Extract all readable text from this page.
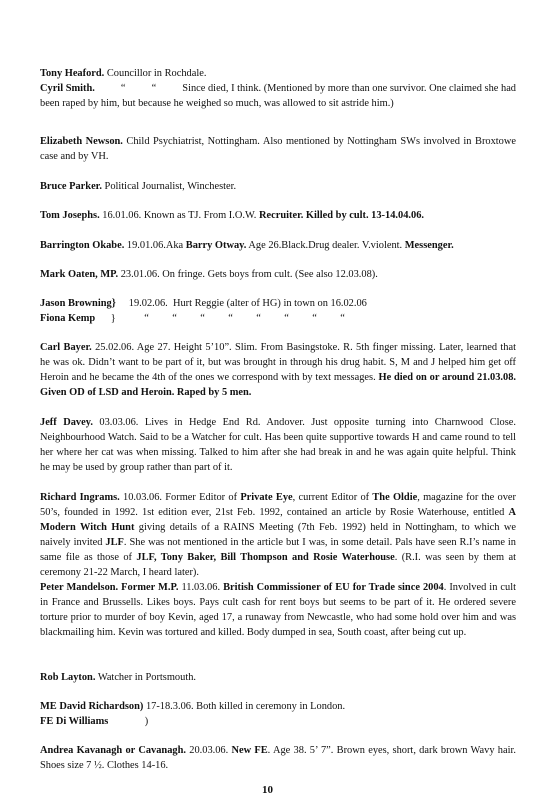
Tony Heaford. Councillor in Rochdale.
Cyril Smith.          “          “          Since died, I think. (Mentioned by more than one survivor. One claimed she had been raped by him, but because he weighed so much, was allowed to sit astride him.)
Elizabeth Newson. Child Psychiatrist, Nottingham. Also mentioned by Nottingham SWs involved in Broxtowe case and by VH.
Bruce Parker. Political Journalist, Winchester.
Tom Josephs. 16.01.06. Known as TJ. From I.O.W. Recruiter. Killed by cult. 13-14.04.06.
Barrington Okabe. 19.01.06.Aka Barry Otway. Age 26.Black.Drug dealer. V.violent. Messenger.
Mark Oaten, MP. 23.01.06. On fringe. Gets boys from cult. (See also 12.03.08).
Jason Browning}     19.02.06.  Hurt Reggie (alter of HG) in town on 16.02.06
Fiona Kemp      }           “         “         “         “         “         “         “         “
Carl Bayer. 25.02.06. Age 27. Height 5’10”. Slim. From Basingstoke. R. 5th finger missing. Later, learned that he was ok. Didn’t want to be part of it, but was brought in through his drug habit. S, M and J helped him get off Heroin and he became the 4th of the ones we correspond with by text messages. He died on or around 21.03.08. Given OD of LSD and Heroin. Raped by 5 men.
Jeff Davey. 03.03.06. Lives in Hedge End Rd. Andover. Just opposite turning into Charnwood Close. Neighbourhood Watch. Said to be a Watcher for cult. Has been quite supportive towards H and came round to tell her where her cat was when missing. Talked to him after she had break in and he was again quite helpful. Think he may be used by group rather than part of it.
Richard Ingrams. 10.03.06. Former Editor of Private Eye, current Editor of The Oldie, magazine for the over 50’s, founded in 1992. 1st edition ever, 21st Feb. 1992, contained an article by Rosie Waterhouse, entitled A Modern Witch Hunt giving details of a RAINS Meeting (7th Feb. 1992) held in Nottingham, to which we naively invited JLF. She was not mentioned in the article but I was, in some detail. Pals have seen R.I’s name in same file as those of JLF, Tony Baker, Bill Thompson and Rosie Waterhouse. (R.I. was seen by them at ceremony 21-22 March, I heard later).
Peter Mandelson. Former M.P. 11.03.06. British Commissioner of EU for Trade since 2004. Involved in cult in France and Brussells. Likes boys. Pays cult cash for rent boys but seems to be part of it. He ordered severe torture prior to murder of boy Kevin, aged 17, a runaway from Newcastle, who had some hold over him and was blackmailing him. Kevin was tortured and killed. Body dumped in sea, South coast, after being cut up.
Rob Layton. Watcher in Portsmouth.
ME David Richardson) 17-18.3.06. Both killed in ceremony in London.
FE Di Williams              )
Andrea Kavanagh or Cavanagh. 20.03.06. New FE. Age 38. 5’ 7”. Brown eyes, short, dark brown Wavy hair. Shoes size 7 ½. Clothes 14-16.
10
